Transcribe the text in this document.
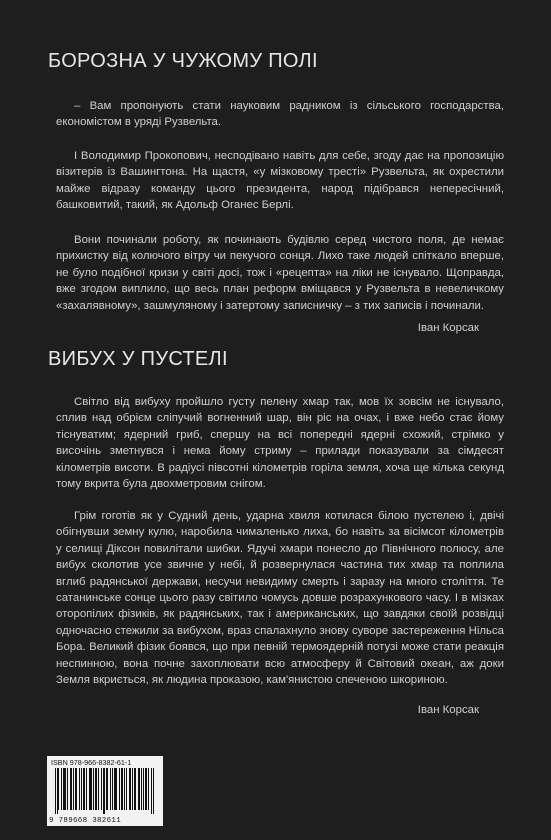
БОРОЗНА У ЧУЖОМУ ПОЛІ

– Вам пропонують стати науковим радником із сільського господарства, економістом в уряді Рузвельта.

І Володимир Прокопович, несподівано навіть для себе, згоду дає на пропозицію візитерів із Вашингтона. На щастя, «у мізковому тресті» Рузвельта, як охрестили майже відразу команду цього президента, народ підібрався непересічний, башковитий, такий, як Адольф Оганес Берлі.

Вони починали роботу, як починають будівлю серед чистого поля, де немає прихистку від колючого вітру чи пекучого сонця. Лихо таке людей спіткало вперше, не було подібної кризи у світі досі, тож і «рецепта» на ліки не існувало. Щоправда, вже згодом виплило, що весь план реформ вміщався у Рузвельта в невеличкому «захалявному», зашмуляному і затертому записничку – з тих записів і починали.

Іван Корсак
ВИБУХ У ПУСТЕЛІ

Світло від вибуху пройшло густу пелену хмар так, мов їх зовсім не існувало, сплив над обрієм сліпучий вогненний шар, він ріс на очах, і вже небо стає йому тіснуватим; ядерний гриб, спершу на всі попередні ядерні схожий, стрімко у височінь зметнувся і нема йому стриму – прилади показували за сімдесят кілометрів висоти. В радіусі півсотні кілометрів горіла земля, хоча ще кілька секунд тому вкрита була двохметровим снігом.

Грім гоготів як у Судний день, ударна хвиля котилася білою пустелею і, двічі обігнувши земну кулю, наробила чималенько лиха, бо навіть за вісімсот кілометрів у селищі Діксон повилітали шибки. Ядучі хмари понесло до Північного полюсу, але вибух сколотив усе звичне у небі, й розвернулася частина тих хмар та поплила вглиб радянської держави, несучи невидиму смерть і заразу на много століття. Те сатанинське сонце цього разу світило чомусь довше розрахункового часу. І в мізках оторопілих фізиків, як радянських, так і американських, що завдяки своїй розвідці одночасно стежили за вибухом, враз спалахнуло знову суворе застереження Нільса Бора. Великий фізик боявся, що при певній термоядерній потузі може стати реакція неспинною, вона почне захоплювати всю атмосферу й Світовий океан, аж доки Земля вкриється, як людина проказою, кам'янистою спеченою шкориною.

Іван Корсак
ISBN 978-966-8382-61-1
9 789668 382611
